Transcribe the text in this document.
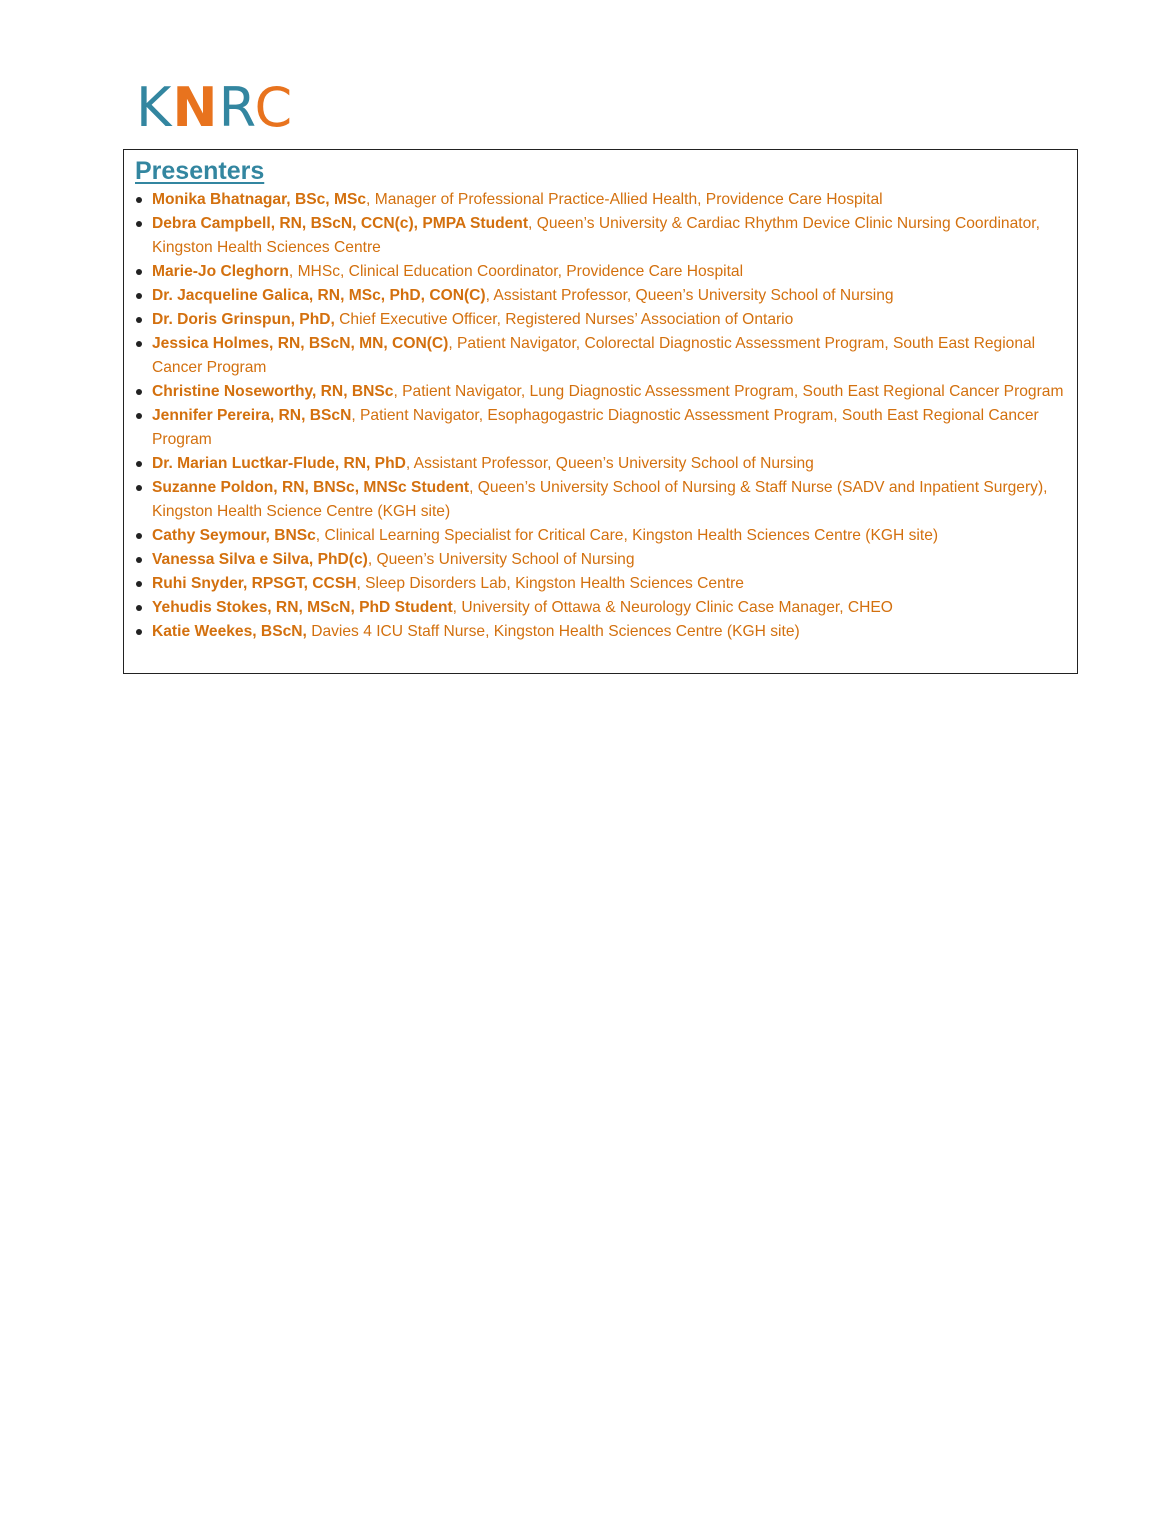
KNRC
Presenters
Monika Bhatnagar, BSc, MSc, Manager of Professional Practice-Allied Health, Providence Care Hospital
Debra Campbell, RN, BScN, CCN(c), PMPA Student, Queen’s University & Cardiac Rhythm Device Clinic Nursing Coordinator, Kingston Health Sciences Centre
Marie-Jo Cleghorn, MHSc, Clinical Education Coordinator, Providence Care Hospital
Dr. Jacqueline Galica, RN, MSc, PhD, CON(C), Assistant Professor, Queen’s University School of Nursing
Dr. Doris Grinspun, PhD, Chief Executive Officer, Registered Nurses’ Association of Ontario
Jessica Holmes, RN, BScN, MN, CON(C), Patient Navigator, Colorectal Diagnostic Assessment Program, South East Regional Cancer Program
Christine Noseworthy, RN, BNSc, Patient Navigator, Lung Diagnostic Assessment Program, South East Regional Cancer Program
Jennifer Pereira, RN, BScN, Patient Navigator, Esophagogastric Diagnostic Assessment Program, South East Regional Cancer Program
Dr. Marian Luctkar-Flude, RN, PhD, Assistant Professor, Queen’s University School of Nursing
Suzanne Poldon, RN, BNSc, MNSc Student, Queen’s University School of Nursing & Staff Nurse (SADV and Inpatient Surgery), Kingston Health Science Centre (KGH site)
Cathy Seymour, BNSc, Clinical Learning Specialist for Critical Care, Kingston Health Sciences Centre (KGH site)
Vanessa Silva e Silva, PhD(c), Queen’s University School of Nursing
Ruhi Snyder, RPSGT, CCSH, Sleep Disorders Lab, Kingston Health Sciences Centre
Yehudis Stokes, RN, MScN, PhD Student, University of Ottawa & Neurology Clinic Case Manager, CHEO
Katie Weekes, BScN, Davies 4 ICU Staff Nurse, Kingston Health Sciences Centre (KGH site)
